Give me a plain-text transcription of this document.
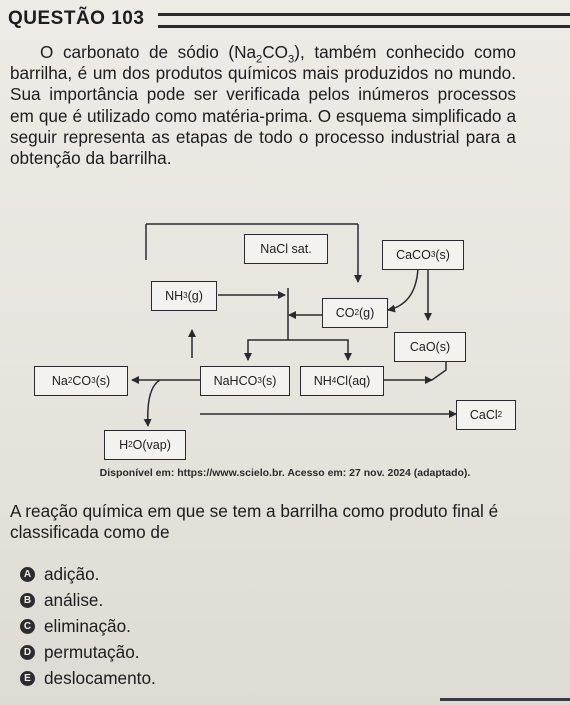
QUESTÃO 103

O carbonato de sódio $(Na_2CO_3)$, também conhecido como barrilha, é um dos produtos químicos mais produzidos no mundo. Sua importância pode ser verificada pelos inúmeros processos em que é utilizado como matéria-prima. O esquema simplificado a seguir representa as etapas de todo o processo industrial para a obtenção da barrilha.

NaCl sat.	CaCO 3 (s)
NH 3 (g)
CO 2 (g)
CaO(s)
Na 2 CO 3 (s)	NaHCO 3 (s)	NH 4 Cl(aq)
CaCl 2
H 2 O(vap)
Disponível em: https://www.scielo.br. Acesso em: 27 nov. 2024 (adaptado).

A reação química em que se tem a barrilha como produto final é classificada como de

A adição.
B análise.
C eliminação.
D permutação.
E deslocamento.
